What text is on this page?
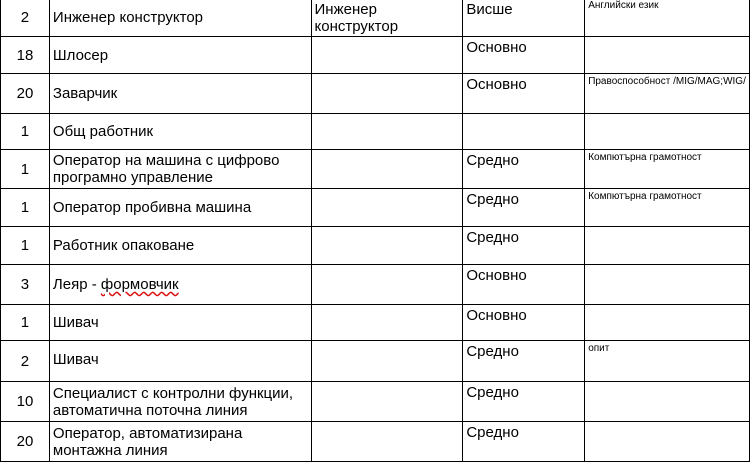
2	Инженер конструктор	Инженер конструктор	Висше	Английски език
18	Шлосер		Основно	
20	Заварчик		Основно	Правоспособност /MIG/MAG;WIG/
1	Общ работник			
1	Оператор на машина с цифрово програмно управление		Средно	Компютърна грамотност
1	Оператор пробивна машина		Средно	Компютърна грамотност
1	Работник опаковане		Средно	
3	Леяр - формовчик		Основно	
1	Шивач		Основно	
2	Шивач		Средно	опит
10	Специалист с контролни функции, автоматична поточна линия		Средно	
20	Оператор, автоматизирана монтажна линия		Средно	
